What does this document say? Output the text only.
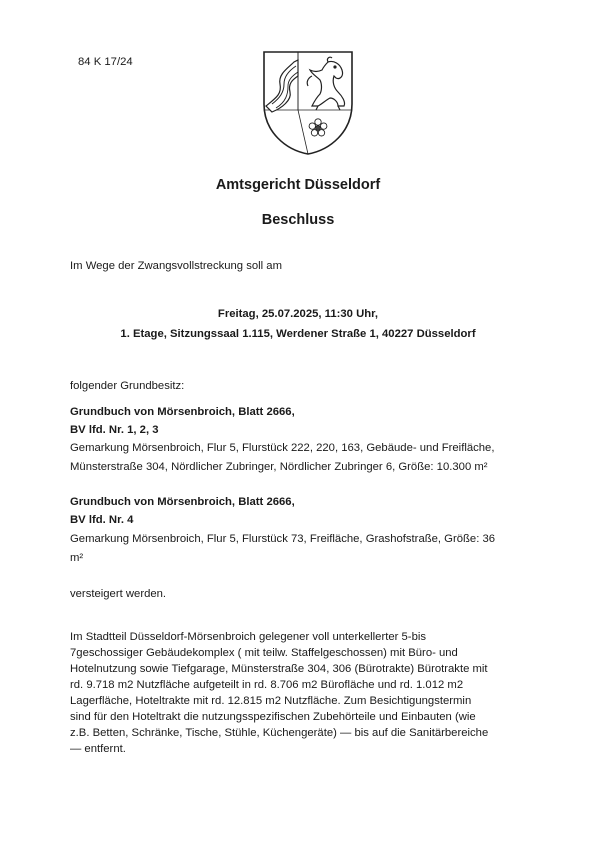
84 K 17/24
Amtsgericht Düsseldorf
Beschluss
Im Wege der Zwangsvollstreckung soll am
Freitag, 25.07.2025, 11:30 Uhr,
1. Etage, Sitzungssaal 1.115, Werdener Straße 1, 40227 Düsseldorf
folgender Grundbesitz:
Grundbuch von Mörsenbroich, Blatt 2666,
BV lfd. Nr. 1, 2, 3
Gemarkung Mörsenbroich, Flur 5, Flurstück 222, 220, 163, Gebäude- und Freifläche,
Münsterstraße 304, Nördlicher Zubringer, Nördlicher Zubringer 6, Größe: 10.300 m²
Grundbuch von Mörsenbroich, Blatt 2666,
BV lfd. Nr. 4
Gemarkung Mörsenbroich, Flur 5, Flurstück 73, Freifläche, Grashofstraße, Größe: 36
m²
versteigert werden.
Im Stadtteil Düsseldorf-Mörsenbroich gelegener voll unterkellerter 5-bis
7geschossiger Gebäudekomplex ( mit teilw. Staffelgeschossen) mit Büro- und
Hotelnutzung sowie Tiefgarage, Münsterstraße 304, 306 (Bürotrakte) Bürotrakte mit
rd. 9.718 m2 Nutzfläche aufgeteilt in rd. 8.706 m2 Bürofläche und rd. 1.012 m2
Lagerfläche, Hoteltrakte mit rd. 12.815 m2 Nutzfläche. Zum Besichtigungstermin
sind für den Hoteltrakt die nutzungsspezifischen Zubehörteile und Einbauten (wie
z.B. Betten, Schränke, Tische, Stühle, Küchengeräte) — bis auf die Sanitärbereiche
— entfernt.
